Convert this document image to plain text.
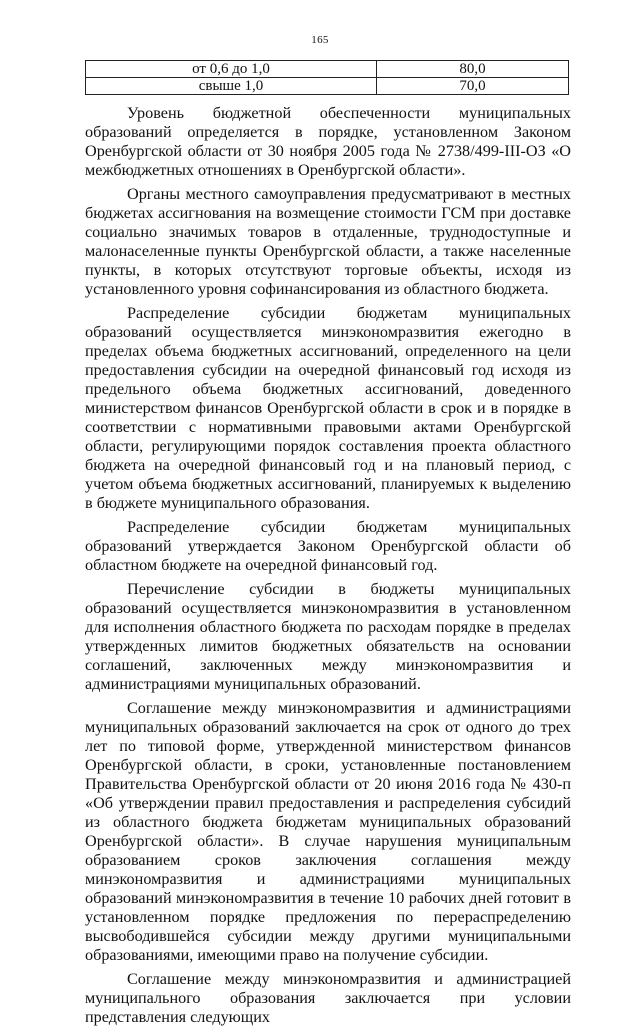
165
от 0,6 до 1,0	80,0
свыше 1,0	70,0

Уровень бюджетной обеспеченности муниципальных образований определяется в порядке, установленном Законом Оренбургской области от 30 ноября 2005 года № 2738/499-III-ОЗ «О межбюджетных отношениях в Оренбургской области».

Органы местного самоуправления предусматривают в местных бюджетах ассигнования на возмещение стоимости ГСМ при доставке социально значимых товаров в отдаленные, труднодоступные и малонаселенные пункты Оренбургской области, а также населенные пункты, в которых отсутствуют торговые объекты, исходя из установленного уровня софинансирования из областного бюджета.

Распределение субсидии бюджетам муниципальных образований осуществляется минэкономразвития ежегодно в пределах объема бюджетных ассигнований, определенного на цели предоставления субсидии на очередной финансовый год исходя из предельного объема бюджетных ассигнований, доведенного министерством финансов Оренбургской области в срок и в порядке в соответствии с нормативными правовыми актами Оренбургской области, регулирующими порядок составления проекта областного бюджета на очередной финансовый год и на плановый период, с учетом объема бюджетных ассигнований, планируемых к выделению в бюджете муниципального образования.

Распределение субсидии бюджетам муниципальных образований утверждается Законом Оренбургской области об областном бюджете на очередной финансовый год.

Перечисление субсидии в бюджеты муниципальных образований осуществляется минэкономразвития в установленном для исполнения областного бюджета по расходам порядке в пределах утвержденных лимитов бюджетных обязательств на основании соглашений, заключенных между минэкономразвития и администрациями муниципальных образований.

Соглашение между минэкономразвития и администрациями муниципальных образований заключается на срок от одного до трех лет по типовой форме, утвержденной министерством финансов Оренбургской области, в сроки, установленные постановлением Правительства Оренбургской области от 20 июня 2016 года № 430-п «Об утверждении правил предоставления и распределения субсидий из областного бюджета бюджетам муниципальных образований Оренбургской области». В случае нарушения муниципальным образованием сроков заключения соглашения между минэкономразвития и администрациями муниципальных образований минэкономразвития в течение 10 рабочих дней готовит в установленном порядке предложения по перераспределению высвободившейся субсидии между другими муниципальными образованиями, имеющими право на получение субсидии.

Соглашение между минэкономразвития и администрацией муниципального образования заключается при условии представления следующих
